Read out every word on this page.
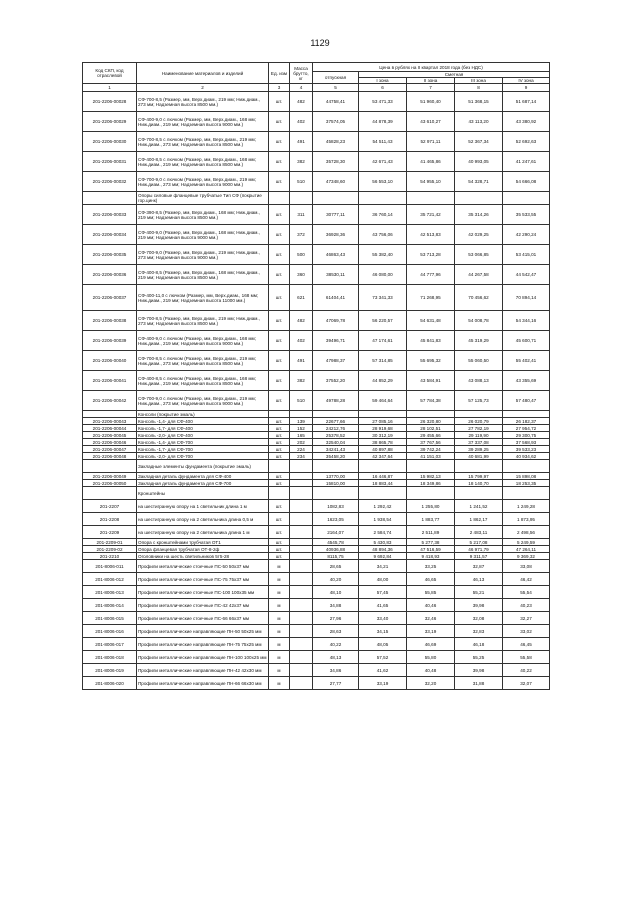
1129
Код СКП, код отраслевой	Наименование материалов и изделий	Ед. изм	Масса брутто, кг	Цена в рублях на II квартал 2018 года (без НДС)				
				отпускная	Сметная			
					I зона	II зона	III зона	IV зона
1	2	3	4	5	6	7	8	9
201-2206-00028	СФ-700-8,5 (Размер, мм, Верх.диам., 219 мм; Ниж.диам., 273 мм; Надземная высота 8500 мм.)	шт.	482	44758,41	53 471,33	51 960,40	51 368,15	51 687,14
201-2206-00029	СФ-400-9,0 с лючком (Размер, мм, Верх.диам., 168 мм; Ниж.диам., 219 мм; Надземная высота 9000 мм.)	шт.	402	37574,05	44 878,39	43 610,27	43 113,20	43 380,92
201-2206-00030	СФ-700-8,5 с лючком (Размер, мм, Верх.диам., 219 мм; Ниж.диам., 273 мм; Надземная высота 8500 мм.)	шт.	491	45828,23	54 511,43	52 971,11	52 367,34	52 692,63
201-2206-00031	СФ-400-8,5 с лючком (Размер, мм, Верх.диам., 168 мм; Ниж.диам., 219 мм; Надземная высота 8500 мм.)	шт.	382	35728,30	42 671,43	41 465,86	40 993,05	41 247,61
201-2206-00032	СФ-700-9,0 с лючком (Размер, мм, Верх.диам., 219 мм; Ниж.диам., 273 мм; Надземная высота 9000 мм.)	шт.	510	47348,60	56 553,10	54 955,10	54 328,71	54 666,08
	Опоры силовые фланцевые трубчатые Тип СФ (покрытие гор.цинк)							
201-2206-00033	СФ-390-8,5 (Размер, мм, Верх.диам., 168 мм; Ниж.диам., 219 мм; Надземная высота 8500 мм.)	шт.	311	30777,11	36 760,14	35 721,42	35 314,26	35 533,55
201-2206-00034	СФ-400-9,0 (Размер, мм, Верх.диам., 168 мм; Ниж.диам., 219 мм; Надземная высота 9000 мм.)	шт.	372	36928,36	43 756,06	42 513,83	42 029,25	42 290,24
201-2206-00035	СФ-700-9,0 (Размер, мм, Верх.диам., 219 мм; Ниж.диам., 273 мм; Надземная высота 9000 мм.)	шт.	500	46863,43	55 382,40	53 713,28	53 066,85	53 415,01
201-2206-00036	СФ-400-8,5 (Размер, мм, Верх.диам., 168 мм; Ниж.диам., 219 мм; Надземная высота 8500 мм.)	шт.	360	38530,11	46 080,00	44 777,96	44 267,58	44 542,47
201-2206-00037	СФ-400-11,0 с лючком (Размер, мм, Верх.диам., 168 мм; Ниж.диам., 219 мм; Надземная высота 11000 мм.)	шт.	621	61404,41	73 341,33	71 268,95	70 456,62	70 894,14
201-2206-00038	СФ-700-8,5 (Размер, мм, Верх.диам., 219 мм; Ниж.диам., 273 мм; Надземная высота 8500 мм.)	шт.	482	47069,78	56 220,57	54 631,48	54 008,78	54 344,16
201-2206-00039	СФ-400-9,0 с лючком (Размер, мм, Верх.диам., 168 мм; Ниж.диам., 219 мм; Надземная высота 9000 мм.)	шт.	402	39496,71	47 174,61	45 841,83	45 319,29	45 600,71
201-2206-00040	СФ-700-8,5 с лючком (Размер, мм, Верх.диам., 219 мм; Ниж.диам., 273 мм; Надземная высота 8500 мм.)	шт.	491	47988,37	57 314,85	55 695,32	55 060,50	55 402,41
201-2206-00041	СФ-400-8,5 с лючком (Размер, мм, Верх.диам., 168 мм; Ниж.диам., 219 мм; Надземная высота 8500 мм.)	шт.	382	37552,20	44 852,29	43 584,91	43 088,13	43 355,69
201-2206-00042	СФ-700-9,0 с лючком (Размер, мм, Верх.диам., 219 мм; Ниж.диам., 273 мм; Надземная высота 9000 мм.)	шт.	510	49788,28	59 464,64	57 784,38	57 125,73	57 480,47
	Консоли (покрытие эмаль)							
201-2206-00043	Консоль -1,4- для СФ-400	шт.	139	22677,66	27 085,16	26 320,80	26 020,79	26 182,37
201-2206-00044	Консоль -1,7- для СФ-400	шт.	152	24212,76	28 919,68	28 102,51	27 782,19	27 954,72
201-2206-00045	Консоль -2,0- для СФ-400	шт.	165	25378,52	30 312,19	29 455,66	29 119,90	29 300,75
201-2206-00046	Консоль -1,4- для СФ-700	шт.	202	32540,04	38 865,78	37 767,56	37 337,08	37 568,93
201-2206-00047	Консоль -1,7- для СФ-700	шт.	224	34241,43	40 897,88	39 742,24	39 289,25	39 533,23
201-2206-00048	Консоль -2,0- для СФ-700	шт.	234	35458,20	42 347,64	41 151,03	40 681,99	40 934,62
	Закладные элементы фундамента (покрытие эмаль)							
201-2206-00049	Закладная деталь фундамента для СФ-400	шт.		13770,00	16 446,87	15 982,13	15 799,97	15 898,08
201-2206-00050	Закладная деталь фундамента для СФ-700	шт.		15810,00	18 883,44	18 349,86	18 140,70	18 253,35
	Кронштейны							
201-2207	на шестигранную опору на 1 светильник длина 1 м	шт.		1082,83	1 292,42	1 255,80	1 241,52	1 249,28
201-2208	на шестигранную опору на 2 светильника длина 0,5 м	шт.		1623,05	1 938,54	1 883,77	1 862,17	1 873,95
201-2209	на шестигранную опору на 2 светильника длина 1 м	шт.		2164,07	2 584,74	2 511,89	2 483,11	2 498,56
201-2209-01	Опора с кронштейнами трубчатая ОТ1	шт.		4545,78	5 430,83	5 277,38	5 217,08	5 249,59
201-2209-02	Опора фланцевая трубчатая ОТ-8-2ф	шт.		40936,88	48 894,36	47 516,59	46 971,79	47 264,11
201-2210	Оголовники на шесть светильников 5т5-28	шт.		8115,75	9 692,84	9 418,93	9 311,57	9 369,32
201-8006-011	Профили металлические стоечные ПС-50 50x37 мм	м		28,65	34,21	33,25	32,87	33,08
201-8006-012	Профили металлические стоечные ПС-75 75x37 мм	м		40,20	48,00	46,65	46,13	46,42
201-8006-013	Профили металлические стоечные ПС-100 100x35 мм	м		48,10	57,45	55,85	55,21	55,54
201-8006-014	Профили металлические стоечные ПС-42 42x37 мм	м		34,88	41,65	40,46	39,98	40,23
201-8006-015	Профили металлические стоечные ПС-66 66x37 мм	м		27,96	33,40	32,46	32,08	32,27
201-8006-016	Профили металлические направляющие ПН-50 50x25 мм	м		28,63	34,15	33,19	32,83	33,02
201-8006-017	Профили металлические направляющие ПН-75 75x25 мм	м		40,22	48,05	46,69	46,18	46,45
201-8006-018	Профили металлические направляющие ПН-100 100x25 мм	м		48,13	57,52	55,80	55,25	55,58
201-8006-019	Профили металлические направляющие ПН-42 42x30 мм	м		34,86	41,62	40,48	39,98	40,22
201-8006-020	Профили металлические направляющие ПН-66 66x30 мм	м		27,77	33,19	32,20	31,88	32,07
